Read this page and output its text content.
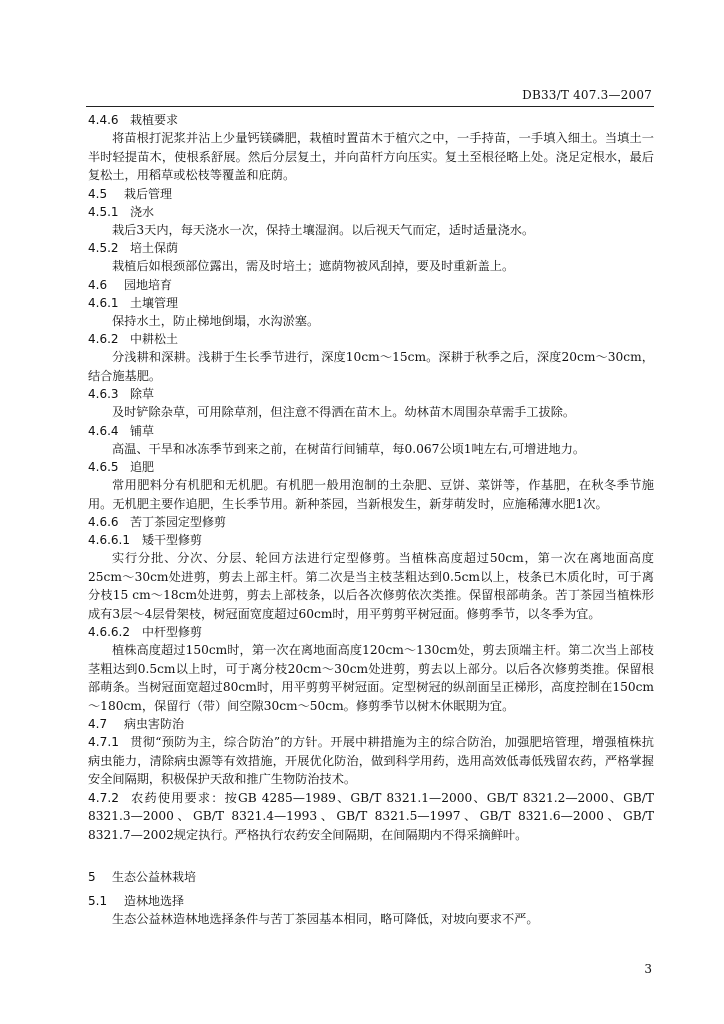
DB33/T 407.3—2007
4.4.6 栽植要求

将苗根打泥浆并沾上少量钙镁磷肥，栽植时置苗木于植穴之中，一手持苗，一手填入细土。当填土一半时轻提苗木，使根系舒展。然后分层复土，并向苗杆方向压实。复土至根径略上处。浇足定根水，最后复松土，用稻草或松枝等覆盖和庇荫。

4.5 栽后管理
4.5.1 浇水

栽后3天内，每天浇水一次，保持土壤湿润。以后视天气而定，适时适量浇水。

4.5.2 培土保荫

栽植后如根颈部位露出，需及时培土；遮荫物被风刮掉，要及时重新盖上。

4.6 园地培育
4.6.1 土壤管理

保持水土，防止梯地倒塌，水沟淤塞。

4.6.2 中耕松土

分浅耕和深耕。浅耕于生长季节进行，深度10cm～15cm。深耕于秋季之后，深度20cm～30cm，结合施基肥。

4.6.3 除草

及时铲除杂草，可用除草剂，但注意不得洒在苗木上。幼林苗木周围杂草需手工拔除。

4.6.4 铺草

高温、干旱和冰冻季节到来之前，在树苗行间铺草，每0.067公顷1吨左右,可增进地力。

4.6.5 追肥

常用肥料分有机肥和无机肥。有机肥一般用泡制的土杂肥、豆饼、菜饼等，作基肥，在秋冬季节施用。无机肥主要作追肥，生长季节用。新种茶园，当新根发生，新芽萌发时，应施稀薄水肥1次。

4.6.6 苦丁茶园定型修剪
4.6.6.1 矮干型修剪

实行分批、分次、分层、轮回方法进行定型修剪。当植株高度超过50cm，第一次在离地面高度25cm～30cm处进剪，剪去上部主杆。第二次是当主枝茎粗达到0.5cm以上，枝条已木质化时，可于离分枝15 cm～18cm处进剪，剪去上部枝条，以后各次修剪依次类推。保留根部萌条。苦丁茶园当植株形成有3层～4层骨架枝，树冠面宽度超过60cm时，用平剪剪平树冠面。修剪季节，以冬季为宜。

4.6.6.2 中杆型修剪

植株高度超过150cm时，第一次在离地面高度120cm～130cm处，剪去顶端主杆。第二次当上部枝茎粗达到0.5cm以上时，可于离分枝20cm～30cm处进剪，剪去以上部分。以后各次修剪类推。保留根部萌条。当树冠面宽超过80cm时，用平剪剪平树冠面。定型树冠的纵剖面呈正梯形，高度控制在150cm～180cm，保留行（带）间空隙30cm～50cm。修剪季节以树木休眠期为宜。

4.7 病虫害防治

4.7.1 贯彻“预防为主，综合防治”的方针。开展中耕措施为主的综合防治，加强肥培管理，增强植株抗病虫能力，清除病虫源等有效措施，开展优化防治，做到科学用药，选用高效低毒低残留农药，严格掌握安全间隔期，积极保护天敌和推广生物防治技术。

4.7.2 农药使用要求：按GB 4285—1989、GB/T 8321.1—2000、GB/T 8321.2—2000、GB/T 8321.3—2000、GB/T 8321.4—1993、GB/T 8321.5—1997、GB/T 8321.6—2000、GB/T 8321.7—2002规定执行。严格执行农药安全间隔期，在间隔期内不得采摘鲜叶。

5 生态公益林栽培
5.1 造林地选择

生态公益林造林地选择条件与苦丁茶园基本相同，略可降低，对坡向要求不严。

3
